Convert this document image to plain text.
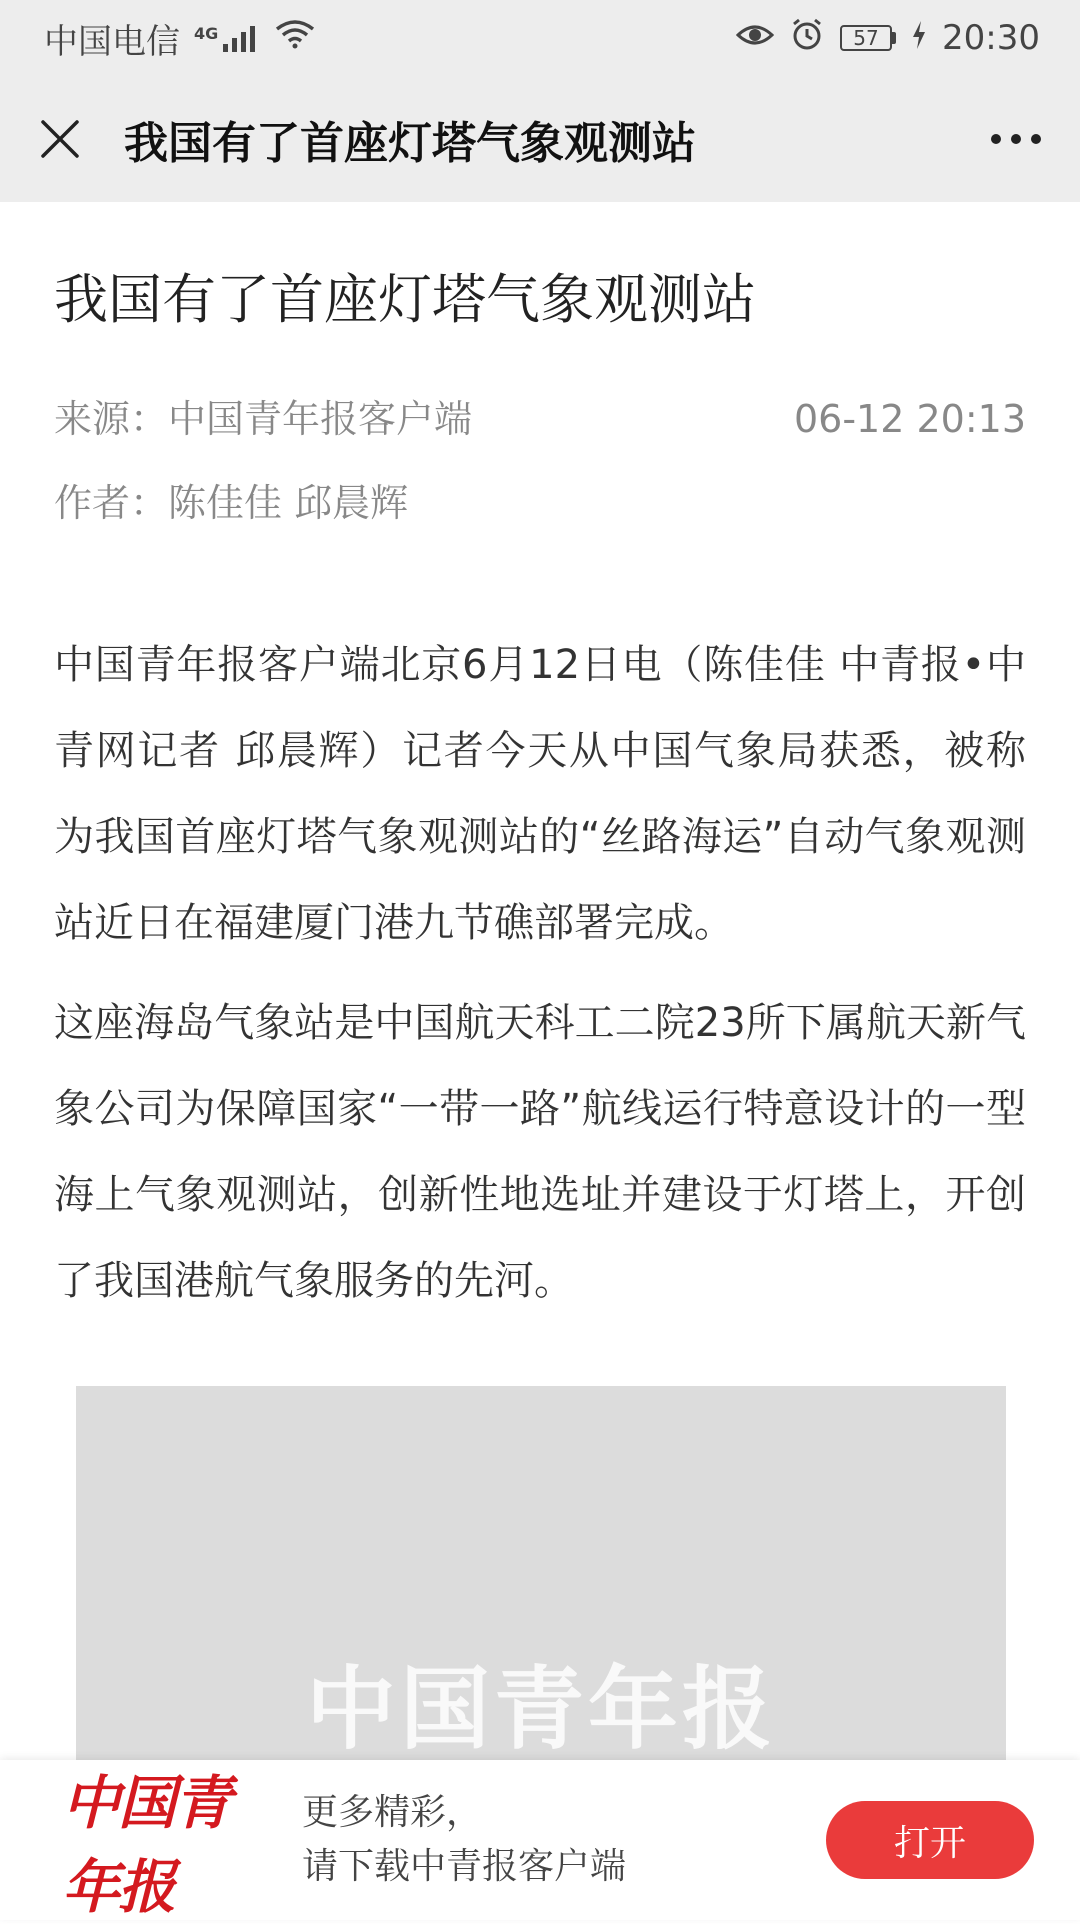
中国电信 4G	57	20:30
我国有了首座灯塔气象观测站
我国有了首座灯塔气象观测站
来源：中国青年报客户端	06-12 20:13
作者：陈佳佳 邱晨辉

中国青年报客户端北京6月12日电（陈佳佳 中青报•中青网记者 邱晨辉）记者今天从中国气象局获悉，被称为我国首座灯塔气象观测站的“丝路海运”自动气象观测站近日在福建厦门港九节礁部署完成。

这座海岛气象站是中国航天科工二院23所下属航天新气象公司为保障国家“一带一路”航线运行特意设计的一型海上气象观测站，创新性地选址并建设于灯塔上，开创了我国港航气象服务的先河。

中国青年报
中国青年报
更多精彩，
请下载中青报客户端
打开
